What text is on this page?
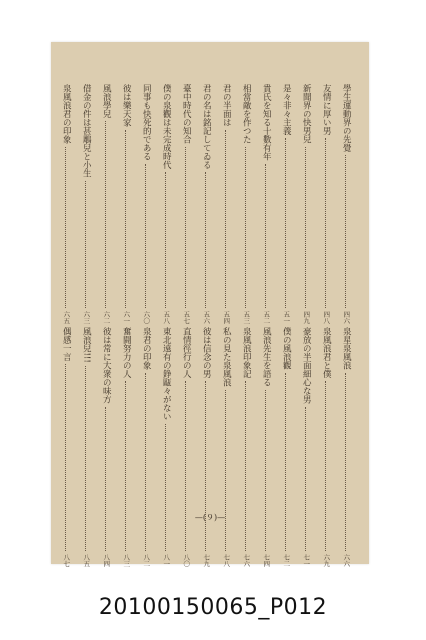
學生運動界の先覺
四六
友情に厚い男
四八
新聞界の快男兒
四九
是々非々主義
五一
貴氏を知る十數有年
五二
相當敵を作つた
五三
君の半面は
五四
君の名は銘記してゐる
五六
臺中時代の知合
五七
僕の泉觀は未完成時代
五八
同事も快死的である
六〇
彼は樂天家
六一
風浪學兒
六二
借金の件は甚鵰兒と小生
六三
泉風浪君の印象
六五
泉星泉風浪
六六
泉風浪君と僕
六九
豪放の半面細心な男
七一
僕の風浪觀
七二
風浪先生を語る
七四
泉風浪印象記
七六
私の見た泉風浪
七八
彼は信念の男
七九
直情徑行の人
八〇
東北遠有の錚甌々がない
八一
泉君の印象
八二
奮闘努力の人
八三
彼は常に大衆の味方
八四
風浪兒!!!
八五
偶感一言
八七
—(９)—
20100150065_P012
